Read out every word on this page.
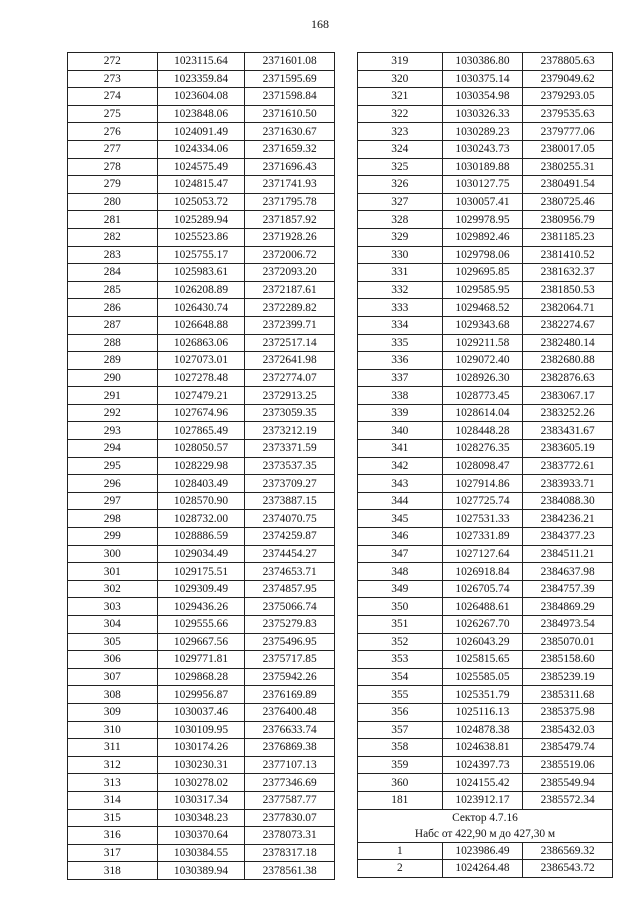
168
272	1023115.64	2371601.08
273	1023359.84	2371595.69
274	1023604.08	2371598.84
275	1023848.06	2371610.50
276	1024091.49	2371630.67
277	1024334.06	2371659.32
278	1024575.49	2371696.43
279	1024815.47	2371741.93
280	1025053.72	2371795.78
281	1025289.94	2371857.92
282	1025523.86	2371928.26
283	1025755.17	2372006.72
284	1025983.61	2372093.20
285	1026208.89	2372187.61
286	1026430.74	2372289.82
287	1026648.88	2372399.71
288	1026863.06	2372517.14
289	1027073.01	2372641.98
290	1027278.48	2372774.07
291	1027479.21	2372913.25
292	1027674.96	2373059.35
293	1027865.49	2373212.19
294	1028050.57	2373371.59
295	1028229.98	2373537.35
296	1028403.49	2373709.27
297	1028570.90	2373887.15
298	1028732.00	2374070.75
299	1028886.59	2374259.87
300	1029034.49	2374454.27
301	1029175.51	2374653.71
302	1029309.49	2374857.95
303	1029436.26	2375066.74
304	1029555.66	2375279.83
305	1029667.56	2375496.95
306	1029771.81	2375717.85
307	1029868.28	2375942.26
308	1029956.87	2376169.89
309	1030037.46	2376400.48
310	1030109.95	2376633.74
311	1030174.26	2376869.38
312	1030230.31	2377107.13
313	1030278.02	2377346.69
314	1030317.34	2377587.77
315	1030348.23	2377830.07
316	1030370.64	2378073.31
317	1030384.55	2378317.18
318	1030389.94	2378561.38
319	1030386.80	2378805.63
320	1030375.14	2379049.62
321	1030354.98	2379293.05
322	1030326.33	2379535.63
323	1030289.23	2379777.06
324	1030243.73	2380017.05
325	1030189.88	2380255.31
326	1030127.75	2380491.54
327	1030057.41	2380725.46
328	1029978.95	2380956.79
329	1029892.46	2381185.23
330	1029798.06	2381410.52
331	1029695.85	2381632.37
332	1029585.95	2381850.53
333	1029468.52	2382064.71
334	1029343.68	2382274.67
335	1029211.58	2382480.14
336	1029072.40	2382680.88
337	1028926.30	2382876.63
338	1028773.45	2383067.17
339	1028614.04	2383252.26
340	1028448.28	2383431.67
341	1028276.35	2383605.19
342	1028098.47	2383772.61
343	1027914.86	2383933.71
344	1027725.74	2384088.30
345	1027531.33	2384236.21
346	1027331.89	2384377.23
347	1027127.64	2384511.21
348	1026918.84	2384637.98
349	1026705.74	2384757.39
350	1026488.61	2384869.29
351	1026267.70	2384973.54
352	1026043.29	2385070.01
353	1025815.65	2385158.60
354	1025585.05	2385239.19
355	1025351.79	2385311.68
356	1025116.13	2385375.98
357	1024878.38	2385432.03
358	1024638.81	2385479.74
359	1024397.73	2385519.06
360	1024155.42	2385549.94
181	1023912.17	2385572.34

Сектор 4.7.16
Набс от 422,90 м до 427,30 м		

1	1023986.49	2386569.32
2	1024264.48	2386543.72
